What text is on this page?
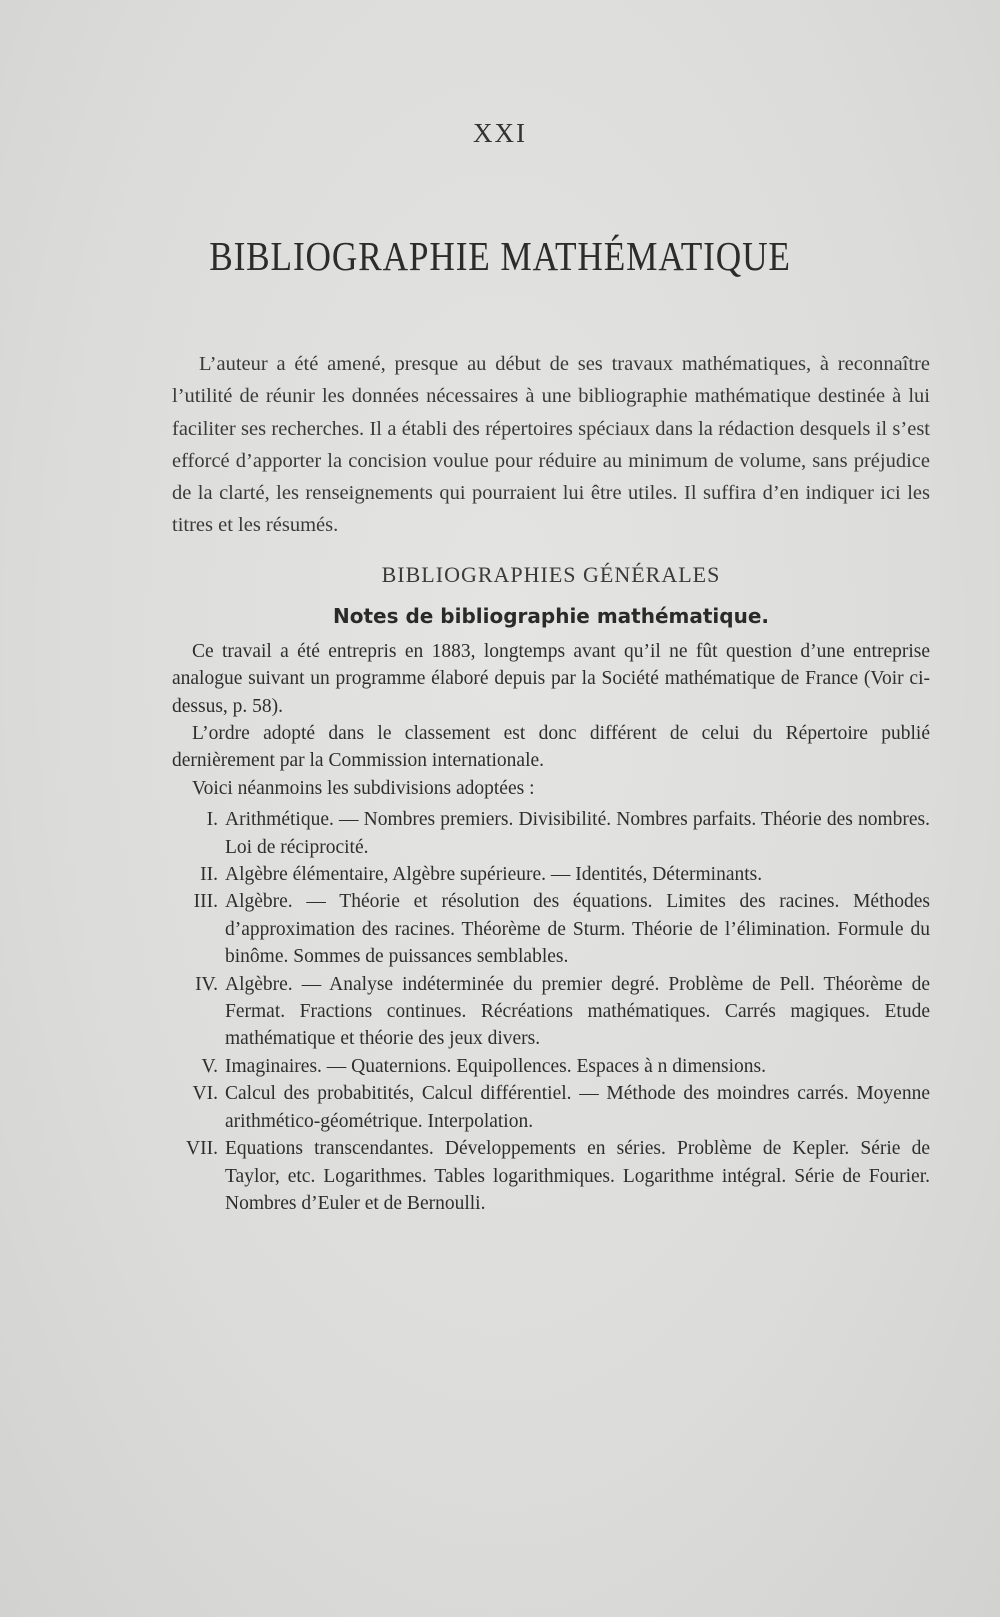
XXI
BIBLIOGRAPHIE MATHÉMATIQUE

L’auteur a été amené, presque au début de ses travaux mathématiques, à reconnaître l’utilité de réunir les données nécessaires à une bibliographie mathématique destinée à lui faciliter ses recherches. Il a établi des répertoires spéciaux dans la rédaction desquels il s’est efforcé d’apporter la concision voulue pour réduire au minimum de volume, sans préjudice de la clarté, les renseignements qui pourraient lui être utiles. Il suffira d’en indiquer ici les titres et les résumés.

BIBLIOGRAPHIES GÉNÉRALES
Notes de bibliographie mathématique.

Ce travail a été entrepris en 1883, longtemps avant qu’il ne fût question d’une entreprise analogue suivant un programme élaboré depuis par la Société mathématique de France (Voir ci-dessus, p. 58).

L’ordre adopté dans le classement est donc différent de celui du Répertoire publié dernièrement par la Commission internationale.

Voici néanmoins les subdivisions adoptées :

I. Arithmétique. — Nombres premiers. Divisibilité. Nombres parfaits. Théorie des nombres. Loi de réciprocité.
II. Algèbre élémentaire, Algèbre supérieure. — Identités, Déterminants.
III. Algèbre. — Théorie et résolution des équations. Limites des racines. Méthodes d’approximation des racines. Théorème de Sturm. Théorie de l’élimination. Formule du binôme. Sommes de puissances semblables.
IV. Algèbre. — Analyse indéterminée du premier degré. Problème de Pell. Théorème de Fermat. Fractions continues. Récréations mathématiques. Carrés magiques. Etude mathématique et théorie des jeux divers.
V. Imaginaires. — Quaternions. Equipollences. Espaces à n dimensions.
VI. Calcul des probabitités, Calcul différentiel. — Méthode des moindres carrés. Moyenne arithmético-géométrique. Interpolation.
VII. Equations transcendantes. Développements en séries. Problème de Kepler. Série de Taylor, etc. Logarithmes. Tables logarithmiques. Logarithme intégral. Série de Fourier. Nombres d’Euler et de Bernoulli.
